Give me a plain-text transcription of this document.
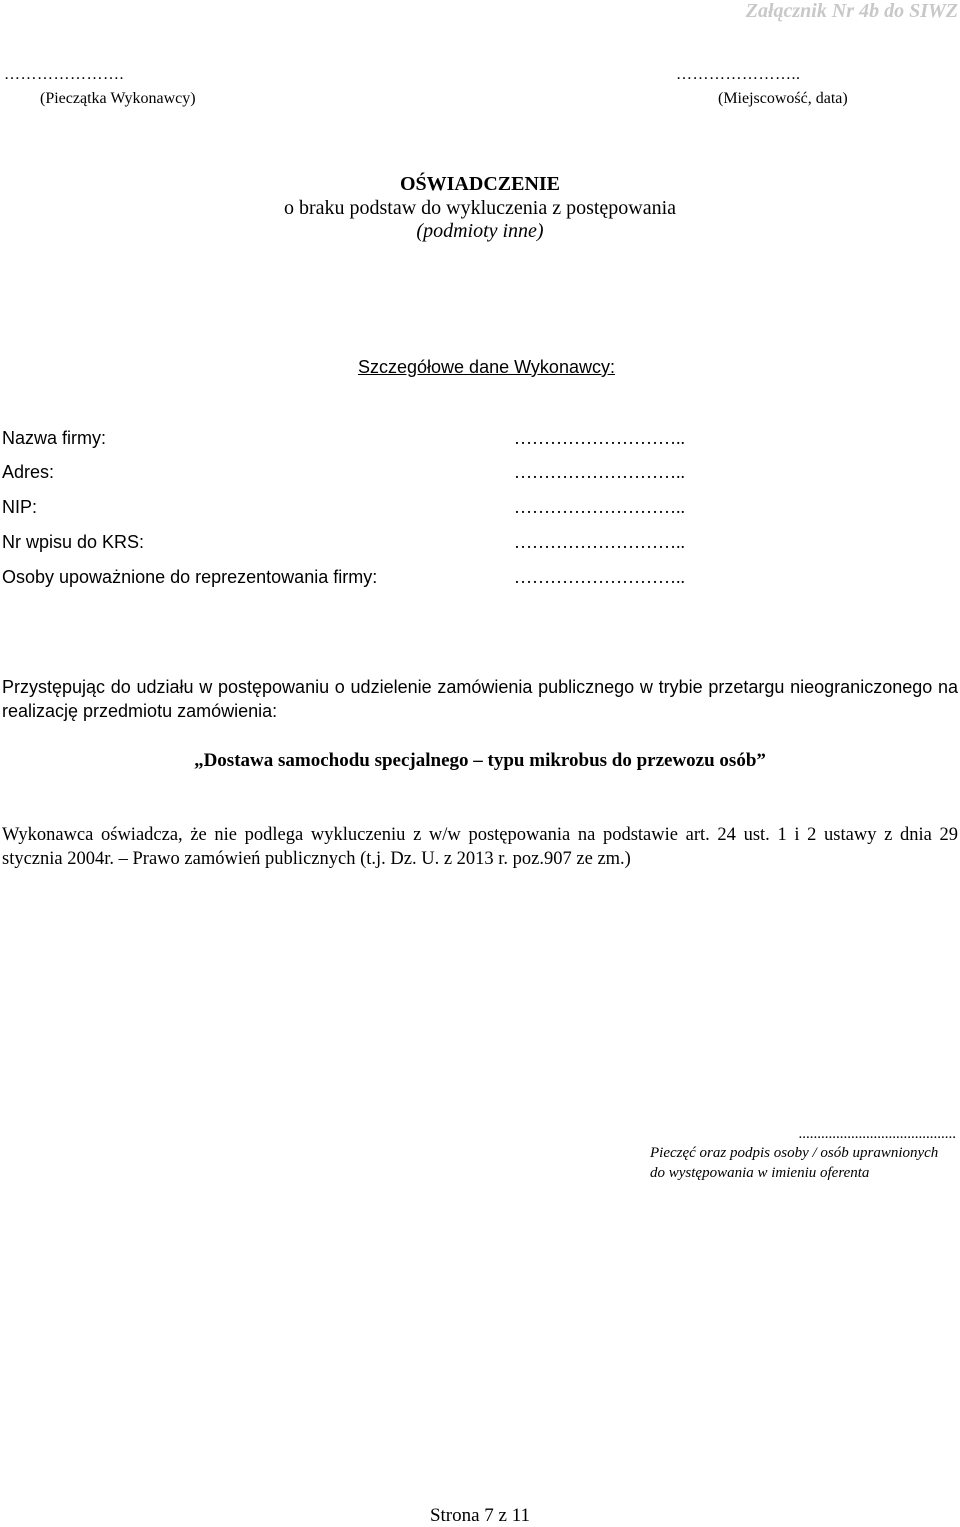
Załącznik Nr 4b do SIWZ
………………….
(Pieczątka Wykonawcy)
…………………..
(Miejscowość, data)
OŚWIADCZENIE
o braku podstaw do wykluczenia z postępowania
(podmioty inne)
Szczegółowe dane Wykonawcy:
Nazwa firmy:	………………………..
Adres:	………………………..
NIP:	………………………..
Nr wpisu do KRS:	………………………..
Osoby upoważnione do reprezentowania firmy:	………………………..
Przystępując do udziału w postępowaniu o udzielenie zamówienia publicznego w trybie przetargu nieograniczonego na realizację przedmiotu zamówienia:
„Dostawa samochodu specjalnego – typu mikrobus do przewozu osób”
Wykonawca oświadcza, że nie podlega wykluczeniu z w/w postępowania na podstawie art. 24 ust. 1 i 2 ustawy z dnia 29 stycznia 2004r. – Prawo zamówień publicznych (t.j. Dz. U. z 2013 r. poz.907 ze zm.)
..........................................
Pieczęć oraz podpis osoby / osób uprawnionych
do występowania w imieniu oferenta
Strona 7 z 11
